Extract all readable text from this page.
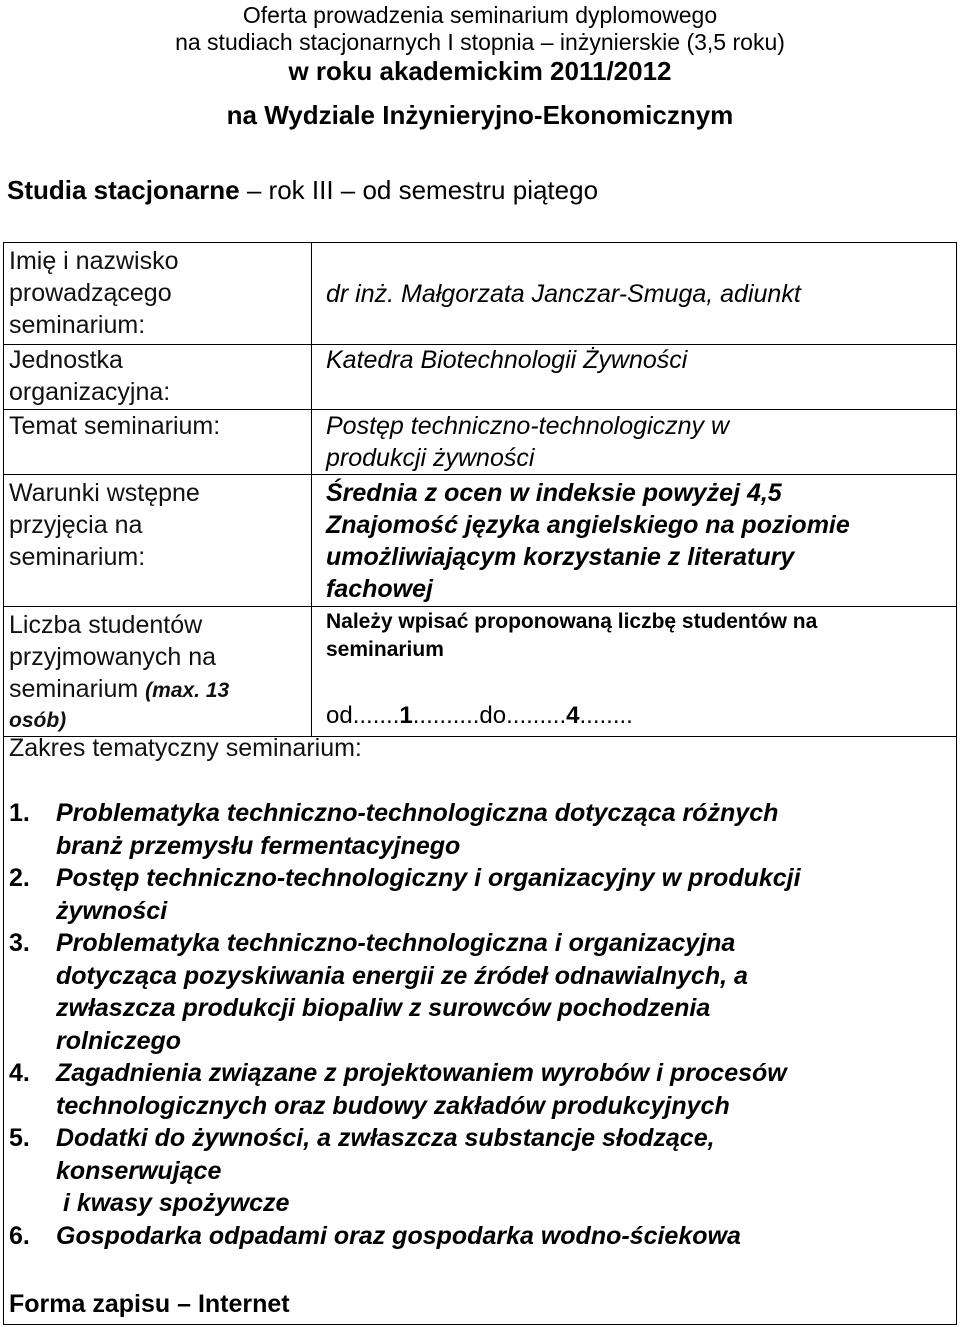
Oferta prowadzenia seminarium dyplomowego
na studiach stacjonarnych I stopnia – inżynierskie (3,5 roku)
w roku akademickim 2011/2012
na Wydziale Inżynieryjno-Ekonomicznym
Studia stacjonarne – rok III – od semestru piątego
Imię i nazwisko
prowadzącego
seminarium:
dr inż. Małgorzata Janczar-Smuga, adiunkt
Jednostka
organizacyjna:
Katedra Biotechnologii Żywności
Temat seminarium:	Postęp techniczno-technologiczny w
produkcji żywności
Warunki wstępne
przyjęcia na
seminarium:
Średnia z ocen w indeksie powyżej 4,5
Znajomość języka angielskiego na poziomie
umożliwiającym korzystanie z literatury
fachowej
Liczba studentów
przyjmowanych na
seminarium (max. 13
osób)
Należy wpisać proponowaną liczbę studentów na
seminarium
od.......1..........do.........4........
Zakres tematyczny seminarium:
1. Problematyka techniczno-technologiczna dotycząca różnych
branż przemysłu fermentacyjnego
2. Postęp techniczno-technologiczny i organizacyjny w produkcji
żywności
3. Problematyka techniczno-technologiczna i organizacyjna
dotycząca pozyskiwania energii ze źródeł odnawialnych, a
zwłaszcza produkcji biopaliw z surowców pochodzenia
rolniczego
4. Zagadnienia związane z projektowaniem wyrobów i procesów
technologicznych oraz budowy zakładów produkcyjnych
5. Dodatki do żywności, a zwłaszcza substancje słodzące,
konserwujące
i kwasy spożywcze
6. Gospodarka odpadami oraz gospodarka wodno-ściekowa
Forma zapisu – Internet
